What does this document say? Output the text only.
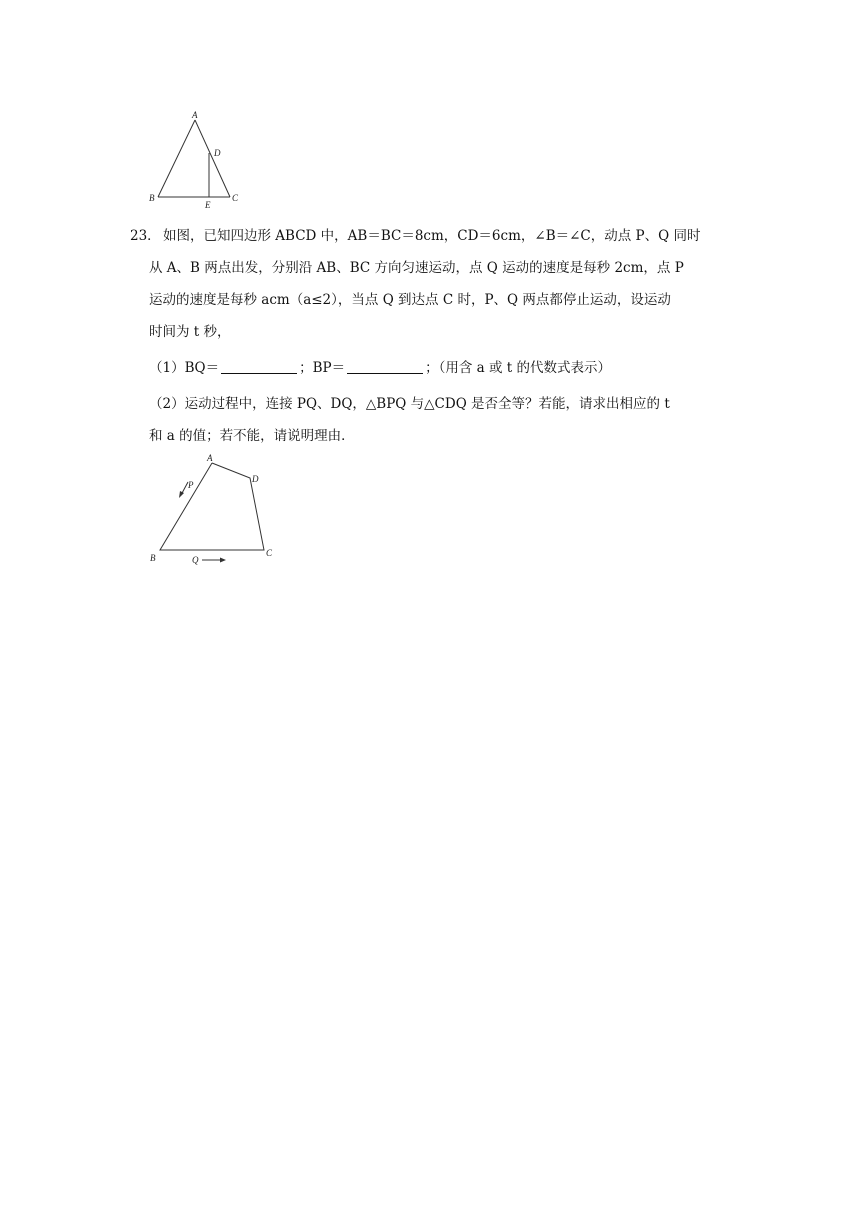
A
B	C
D
E
23． 如图，已知四边形 ABCD 中，AB＝BC＝8cm，CD＝6cm，∠B＝∠C，动点 P、Q 同时
从 A、B 两点出发，分别沿 AB、BC 方向匀速运动，点 Q 运动的速度是每秒 2cm，点 P
运动的速度是每秒 acm（a≤2），当点 Q 到达点 C 时，P、Q 两点都停止运动，设运动
时间为 t 秒，
（1）BQ＝	；BP＝	；（用含 a 或 t 的代数式表示）
（2）运动过程中，连接 PQ、DQ，△BPQ 与△CDQ 是否全等？若能，请求出相应的 t
和 a 的值；若不能，请说明理由．
A
D
B	C
P
Q
